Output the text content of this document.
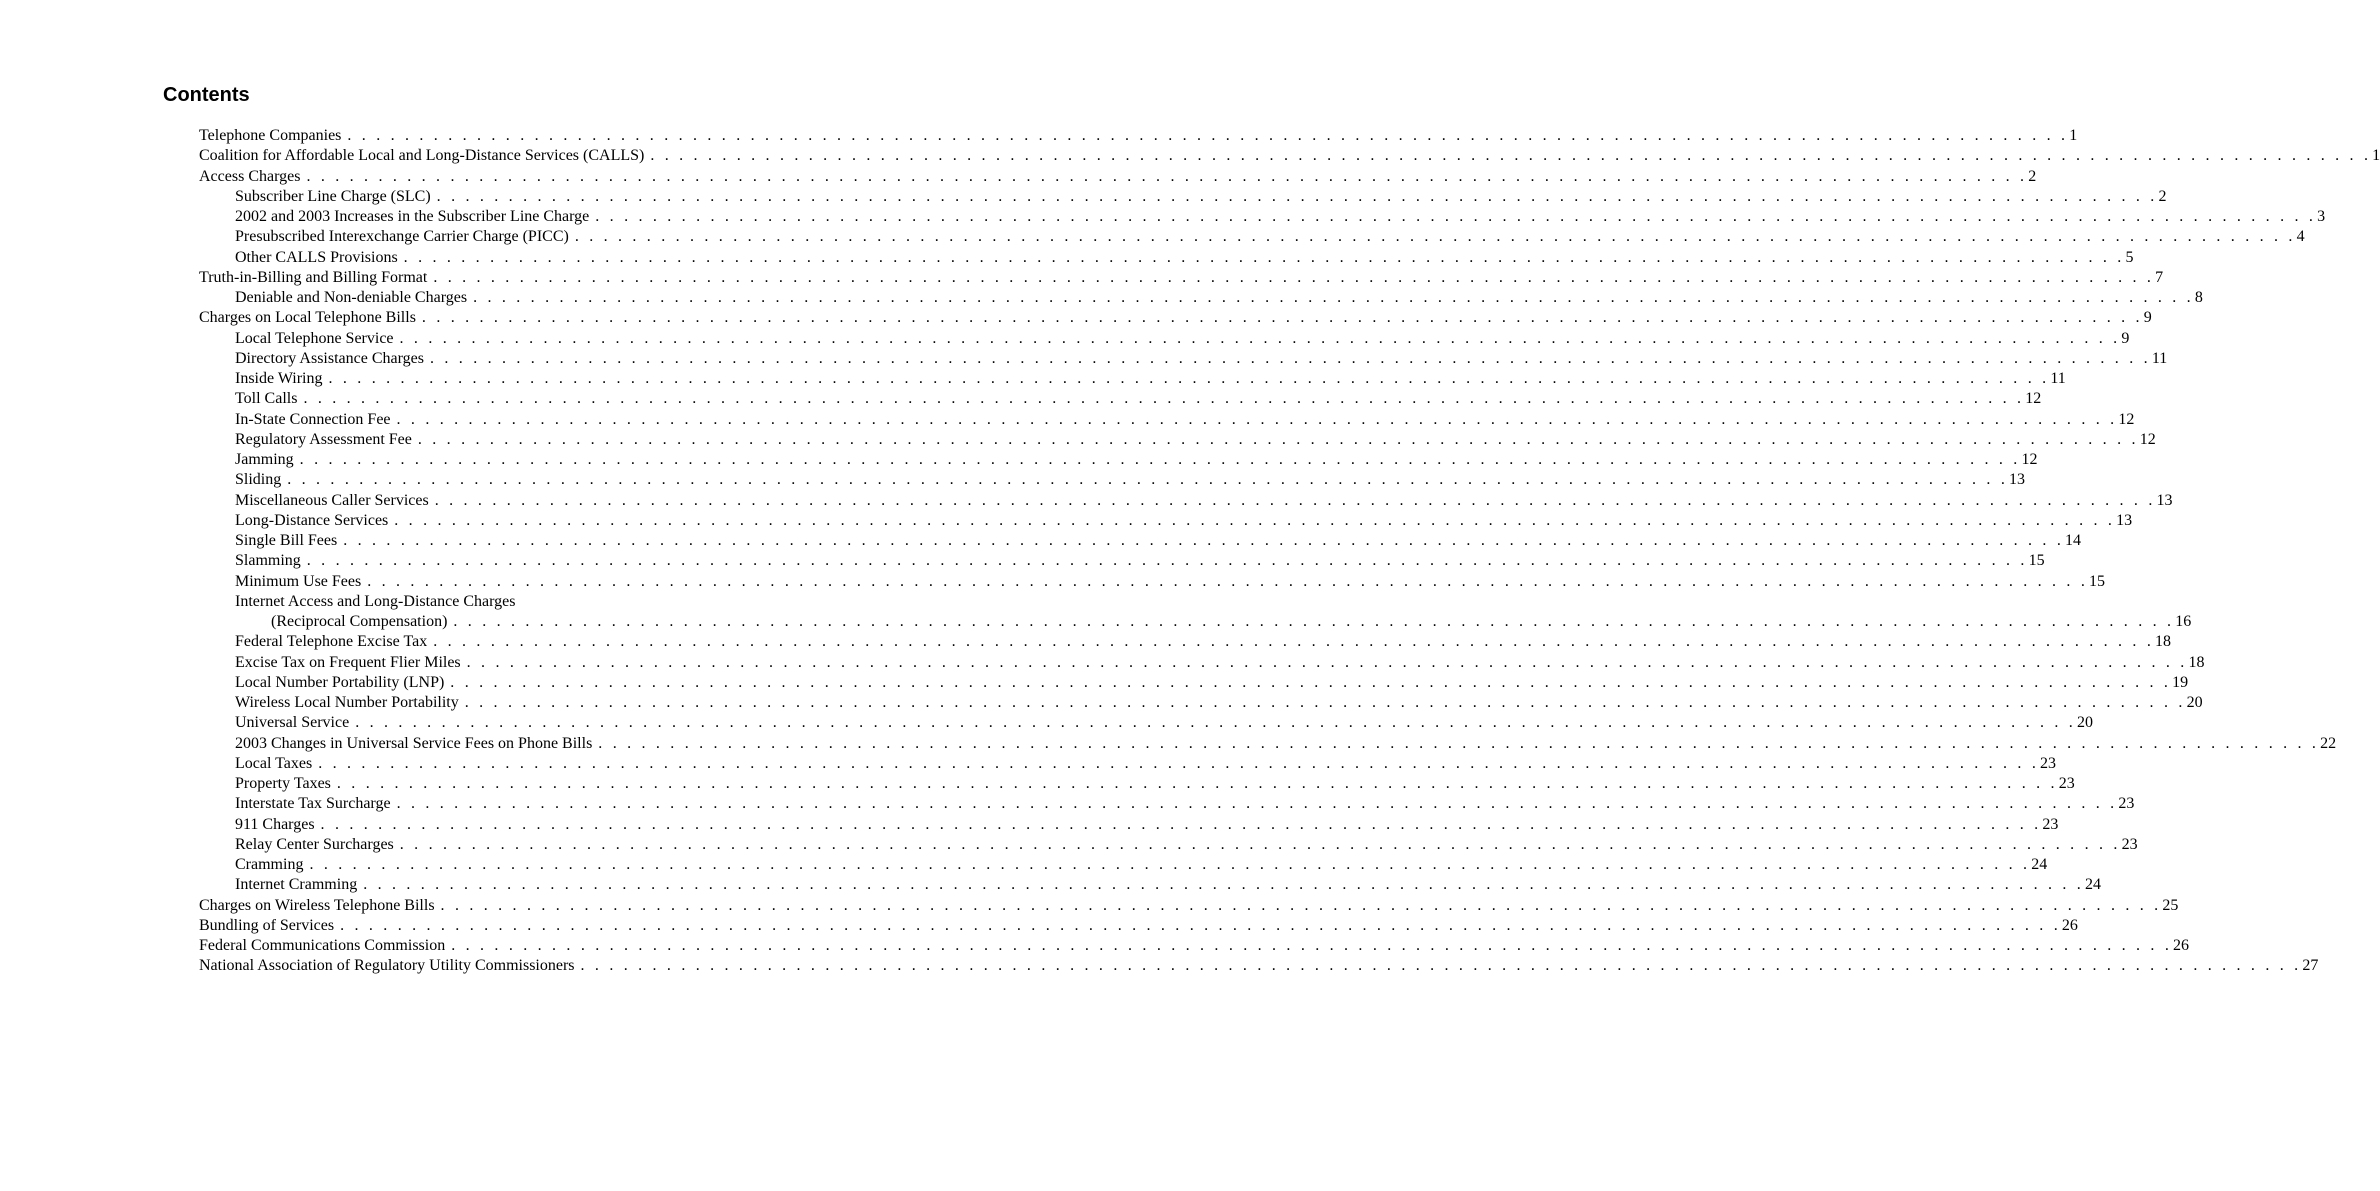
Contents
Telephone Companies . . . . . . . . . . . . . . . . . . . . . . . . . . . . . . . . . . . . . . . . . . . . . . . . . . . . . . . . . . . . . . . . . . . . . . . . . . . . . . . . . . . . . . . . . . . . . . . . . . . . . . . . . . . . . . . . . . . . . . . . 1
Coalition for Affordable Local and Long-Distance Services (CALLS) . . . . . . . . . . . . . . . . . . . . . . . . . . . . . . . . . . . . . . . . . . . . . . . . . . . . . . . . . . . . . . . . . . . . . . . . . . . . . . . . . . . . . . . . . . . . . . . . . . . . . . . . . . . . . . . . . . . . . . . . 1
Access Charges . . . . . . . . . . . . . . . . . . . . . . . . . . . . . . . . . . . . . . . . . . . . . . . . . . . . . . . . . . . . . . . . . . . . . . . . . . . . . . . . . . . . . . . . . . . . . . . . . . . . . . . . . . . . . . . . . . . . . . . . 2
Subscriber Line Charge (SLC) . . . . . . . . . . . . . . . . . . . . . . . . . . . . . . . . . . . . . . . . . . . . . . . . . . . . . . . . . . . . . . . . . . . . . . . . . . . . . . . . . . . . . . . . . . . . . . . . . . . . . . . . . . . . . . . . . . . . . . . . 2
2002 and 2003 Increases in the Subscriber Line Charge . . . . . . . . . . . . . . . . . . . . . . . . . . . . . . . . . . . . . . . . . . . . . . . . . . . . . . . . . . . . . . . . . . . . . . . . . . . . . . . . . . . . . . . . . . . . . . . . . . . . . . . . . . . . . . . . . . . . . . . . 3
Presubscribed Interexchange Carrier Charge (PICC) . . . . . . . . . . . . . . . . . . . . . . . . . . . . . . . . . . . . . . . . . . . . . . . . . . . . . . . . . . . . . . . . . . . . . . . . . . . . . . . . . . . . . . . . . . . . . . . . . . . . . . . . . . . . . . . . . . . . . . . . 4
Other CALLS Provisions . . . . . . . . . . . . . . . . . . . . . . . . . . . . . . . . . . . . . . . . . . . . . . . . . . . . . . . . . . . . . . . . . . . . . . . . . . . . . . . . . . . . . . . . . . . . . . . . . . . . . . . . . . . . . . . . . . . . . . . . 5
Truth-in-Billing and Billing Format . . . . . . . . . . . . . . . . . . . . . . . . . . . . . . . . . . . . . . . . . . . . . . . . . . . . . . . . . . . . . . . . . . . . . . . . . . . . . . . . . . . . . . . . . . . . . . . . . . . . . . . . . . . . . . . . . . . . . . . . 7
Deniable and Non-deniable Charges . . . . . . . . . . . . . . . . . . . . . . . . . . . . . . . . . . . . . . . . . . . . . . . . . . . . . . . . . . . . . . . . . . . . . . . . . . . . . . . . . . . . . . . . . . . . . . . . . . . . . . . . . . . . . . . . . . . . . . . . 8
Charges on Local Telephone Bills . . . . . . . . . . . . . . . . . . . . . . . . . . . . . . . . . . . . . . . . . . . . . . . . . . . . . . . . . . . . . . . . . . . . . . . . . . . . . . . . . . . . . . . . . . . . . . . . . . . . . . . . . . . . . . . . . . . . . . . . 9
Local Telephone Service . . . . . . . . . . . . . . . . . . . . . . . . . . . . . . . . . . . . . . . . . . . . . . . . . . . . . . . . . . . . . . . . . . . . . . . . . . . . . . . . . . . . . . . . . . . . . . . . . . . . . . . . . . . . . . . . . . . . . . . . 9
Directory Assistance Charges . . . . . . . . . . . . . . . . . . . . . . . . . . . . . . . . . . . . . . . . . . . . . . . . . . . . . . . . . . . . . . . . . . . . . . . . . . . . . . . . . . . . . . . . . . . . . . . . . . . . . . . . . . . . . . . . . . . . . . . . 11
Inside Wiring . . . . . . . . . . . . . . . . . . . . . . . . . . . . . . . . . . . . . . . . . . . . . . . . . . . . . . . . . . . . . . . . . . . . . . . . . . . . . . . . . . . . . . . . . . . . . . . . . . . . . . . . . . . . . . . . . . . . . . . . 11
Toll Calls . . . . . . . . . . . . . . . . . . . . . . . . . . . . . . . . . . . . . . . . . . . . . . . . . . . . . . . . . . . . . . . . . . . . . . . . . . . . . . . . . . . . . . . . . . . . . . . . . . . . . . . . . . . . . . . . . . . . . . . . 12
In-State Connection Fee . . . . . . . . . . . . . . . . . . . . . . . . . . . . . . . . . . . . . . . . . . . . . . . . . . . . . . . . . . . . . . . . . . . . . . . . . . . . . . . . . . . . . . . . . . . . . . . . . . . . . . . . . . . . . . . . . . . . . . . . 12
Regulatory Assessment Fee . . . . . . . . . . . . . . . . . . . . . . . . . . . . . . . . . . . . . . . . . . . . . . . . . . . . . . . . . . . . . . . . . . . . . . . . . . . . . . . . . . . . . . . . . . . . . . . . . . . . . . . . . . . . . . . . . . . . . . . . 12
Jamming . . . . . . . . . . . . . . . . . . . . . . . . . . . . . . . . . . . . . . . . . . . . . . . . . . . . . . . . . . . . . . . . . . . . . . . . . . . . . . . . . . . . . . . . . . . . . . . . . . . . . . . . . . . . . . . . . . . . . . . . 12
Sliding . . . . . . . . . . . . . . . . . . . . . . . . . . . . . . . . . . . . . . . . . . . . . . . . . . . . . . . . . . . . . . . . . . . . . . . . . . . . . . . . . . . . . . . . . . . . . . . . . . . . . . . . . . . . . . . . . . . . . . . . 13
Miscellaneous Caller Services . . . . . . . . . . . . . . . . . . . . . . . . . . . . . . . . . . . . . . . . . . . . . . . . . . . . . . . . . . . . . . . . . . . . . . . . . . . . . . . . . . . . . . . . . . . . . . . . . . . . . . . . . . . . . . . . . . . . . . . . 13
Long-Distance Services . . . . . . . . . . . . . . . . . . . . . . . . . . . . . . . . . . . . . . . . . . . . . . . . . . . . . . . . . . . . . . . . . . . . . . . . . . . . . . . . . . . . . . . . . . . . . . . . . . . . . . . . . . . . . . . . . . . . . . . . 13
Single Bill Fees . . . . . . . . . . . . . . . . . . . . . . . . . . . . . . . . . . . . . . . . . . . . . . . . . . . . . . . . . . . . . . . . . . . . . . . . . . . . . . . . . . . . . . . . . . . . . . . . . . . . . . . . . . . . . . . . . . . . . . . . 14
Slamming . . . . . . . . . . . . . . . . . . . . . . . . . . . . . . . . . . . . . . . . . . . . . . . . . . . . . . . . . . . . . . . . . . . . . . . . . . . . . . . . . . . . . . . . . . . . . . . . . . . . . . . . . . . . . . . . . . . . . . . . 15
Minimum Use Fees . . . . . . . . . . . . . . . . . . . . . . . . . . . . . . . . . . . . . . . . . . . . . . . . . . . . . . . . . . . . . . . . . . . . . . . . . . . . . . . . . . . . . . . . . . . . . . . . . . . . . . . . . . . . . . . . . . . . . . . . 15
Internet Access and Long-Distance Charges
(Reciprocal Compensation) . . . . . . . . . . . . . . . . . . . . . . . . . . . . . . . . . . . . . . . . . . . . . . . . . . . . . . . . . . . . . . . . . . . . . . . . . . . . . . . . . . . . . . . . . . . . . . . . . . . . . . . . . . . . . . . . . . . . . . . . 16
Federal Telephone Excise Tax . . . . . . . . . . . . . . . . . . . . . . . . . . . . . . . . . . . . . . . . . . . . . . . . . . . . . . . . . . . . . . . . . . . . . . . . . . . . . . . . . . . . . . . . . . . . . . . . . . . . . . . . . . . . . . . . . . . . . . . . 18
Excise Tax on Frequent Flier Miles . . . . . . . . . . . . . . . . . . . . . . . . . . . . . . . . . . . . . . . . . . . . . . . . . . . . . . . . . . . . . . . . . . . . . . . . . . . . . . . . . . . . . . . . . . . . . . . . . . . . . . . . . . . . . . . . . . . . . . . . 18
Local Number Portability (LNP) . . . . . . . . . . . . . . . . . . . . . . . . . . . . . . . . . . . . . . . . . . . . . . . . . . . . . . . . . . . . . . . . . . . . . . . . . . . . . . . . . . . . . . . . . . . . . . . . . . . . . . . . . . . . . . . . . . . . . . . . 19
Wireless Local Number Portability . . . . . . . . . . . . . . . . . . . . . . . . . . . . . . . . . . . . . . . . . . . . . . . . . . . . . . . . . . . . . . . . . . . . . . . . . . . . . . . . . . . . . . . . . . . . . . . . . . . . . . . . . . . . . . . . . . . . . . . . 20
Universal Service . . . . . . . . . . . . . . . . . . . . . . . . . . . . . . . . . . . . . . . . . . . . . . . . . . . . . . . . . . . . . . . . . . . . . . . . . . . . . . . . . . . . . . . . . . . . . . . . . . . . . . . . . . . . . . . . . . . . . . . . 20
2003 Changes in Universal Service Fees on Phone Bills . . . . . . . . . . . . . . . . . . . . . . . . . . . . . . . . . . . . . . . . . . . . . . . . . . . . . . . . . . . . . . . . . . . . . . . . . . . . . . . . . . . . . . . . . . . . . . . . . . . . . . . . . . . . . . . . . . . . . . . . 22
Local Taxes . . . . . . . . . . . . . . . . . . . . . . . . . . . . . . . . . . . . . . . . . . . . . . . . . . . . . . . . . . . . . . . . . . . . . . . . . . . . . . . . . . . . . . . . . . . . . . . . . . . . . . . . . . . . . . . . . . . . . . . . 23
Property Taxes . . . . . . . . . . . . . . . . . . . . . . . . . . . . . . . . . . . . . . . . . . . . . . . . . . . . . . . . . . . . . . . . . . . . . . . . . . . . . . . . . . . . . . . . . . . . . . . . . . . . . . . . . . . . . . . . . . . . . . . . 23
Interstate Tax Surcharge . . . . . . . . . . . . . . . . . . . . . . . . . . . . . . . . . . . . . . . . . . . . . . . . . . . . . . . . . . . . . . . . . . . . . . . . . . . . . . . . . . . . . . . . . . . . . . . . . . . . . . . . . . . . . . . . . . . . . . . . 23
911 Charges . . . . . . . . . . . . . . . . . . . . . . . . . . . . . . . . . . . . . . . . . . . . . . . . . . . . . . . . . . . . . . . . . . . . . . . . . . . . . . . . . . . . . . . . . . . . . . . . . . . . . . . . . . . . . . . . . . . . . . . . 23
Relay Center Surcharges . . . . . . . . . . . . . . . . . . . . . . . . . . . . . . . . . . . . . . . . . . . . . . . . . . . . . . . . . . . . . . . . . . . . . . . . . . . . . . . . . . . . . . . . . . . . . . . . . . . . . . . . . . . . . . . . . . . . . . . . 23
Cramming . . . . . . . . . . . . . . . . . . . . . . . . . . . . . . . . . . . . . . . . . . . . . . . . . . . . . . . . . . . . . . . . . . . . . . . . . . . . . . . . . . . . . . . . . . . . . . . . . . . . . . . . . . . . . . . . . . . . . . . . 24
Internet Cramming . . . . . . . . . . . . . . . . . . . . . . . . . . . . . . . . . . . . . . . . . . . . . . . . . . . . . . . . . . . . . . . . . . . . . . . . . . . . . . . . . . . . . . . . . . . . . . . . . . . . . . . . . . . . . . . . . . . . . . . . 24
Charges on Wireless Telephone Bills . . . . . . . . . . . . . . . . . . . . . . . . . . . . . . . . . . . . . . . . . . . . . . . . . . . . . . . . . . . . . . . . . . . . . . . . . . . . . . . . . . . . . . . . . . . . . . . . . . . . . . . . . . . . . . . . . . . . . . . . 25
Bundling of Services . . . . . . . . . . . . . . . . . . . . . . . . . . . . . . . . . . . . . . . . . . . . . . . . . . . . . . . . . . . . . . . . . . . . . . . . . . . . . . . . . . . . . . . . . . . . . . . . . . . . . . . . . . . . . . . . . . . . . . . . 26
Federal Communications Commission . . . . . . . . . . . . . . . . . . . . . . . . . . . . . . . . . . . . . . . . . . . . . . . . . . . . . . . . . . . . . . . . . . . . . . . . . . . . . . . . . . . . . . . . . . . . . . . . . . . . . . . . . . . . . . . . . . . . . . . . 26
National Association of Regulatory Utility Commissioners . . . . . . . . . . . . . . . . . . . . . . . . . . . . . . . . . . . . . . . . . . . . . . . . . . . . . . . . . . . . . . . . . . . . . . . . . . . . . . . . . . . . . . . . . . . . . . . . . . . . . . . . . . . . . . . . . . . . . . . . 27
